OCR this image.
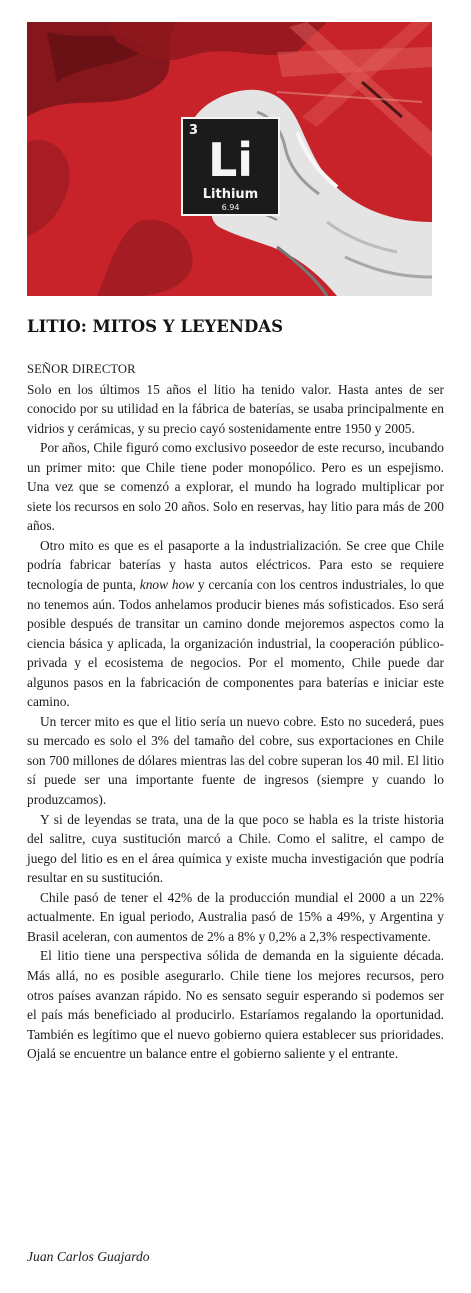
3
Li
Lithium
6.94
LITIO: MITOS Y LEYENDAS

SEÑOR DIRECTOR

Solo en los últimos 15 años el litio ha tenido valor. Hasta antes de ser conocido por su utilidad en la fábrica de baterías, se usaba principalmente en vidrios y cerámicas, y su precio cayó sostenidamente entre 1950 y 2005.

Por años, Chile figuró como exclusivo poseedor de este recurso, incubando un primer mito: que Chile tiene poder monopólico. Pero es un espejismo. Una vez que se comenzó a explorar, el mundo ha logrado multiplicar por siete los recursos en solo 20 años. Solo en reservas, hay litio para más de 200 años.

Otro mito es que es el pasaporte a la industrialización. Se cree que Chile podría fabricar baterías y hasta autos eléctricos. Para esto se requiere tecnología de punta, know how y cercanía con los centros industriales, lo que no tenemos aún. Todos anhelamos producir bienes más sofisticados. Eso será posible después de transitar un camino donde mejoremos aspectos como la ciencia básica y aplicada, la organización industrial, la cooperación público-privada y el ecosistema de negocios. Por el momento, Chile puede dar algunos pasos en la fabricación de componentes para baterías e iniciar este camino.

Un tercer mito es que el litio sería un nuevo cobre. Esto no sucederá, pues su mercado es solo el 3% del tamaño del cobre, sus exportaciones en Chile son 700 millones de dólares mientras las del cobre superan los 40 mil. El litio sí puede ser una importante fuente de ingresos (siempre y cuando lo produzcamos).

Y si de leyendas se trata, una de la que poco se habla es la triste historia del salitre, cuya sustitución marcó a Chile. Como el salitre, el campo de juego del litio es en el área química y existe mucha investigación que podría resultar en su sustitución.

Chile pasó de tener el 42% de la producción mundial el 2000 a un 22% actualmente. En igual periodo, Australia pasó de 15% a 49%, y Argentina y Brasil aceleran, con aumentos de 2% a 8% y 0,2% a 2,3% respectivamente.

El litio tiene una perspectiva sólida de demanda en la siguiente década. Más allá, no es posible asegurarlo. Chile tiene los mejores recursos, pero otros países avanzan rápido. No es sensato seguir esperando si podemos ser el país más beneficiado al producirlo. Estaríamos regalando la oportunidad. También es legítimo que el nuevo gobierno quiera establecer sus prioridades. Ojalá se encuentre un balance entre el gobierno saliente y el entrante.

Juan Carlos Guajardo
